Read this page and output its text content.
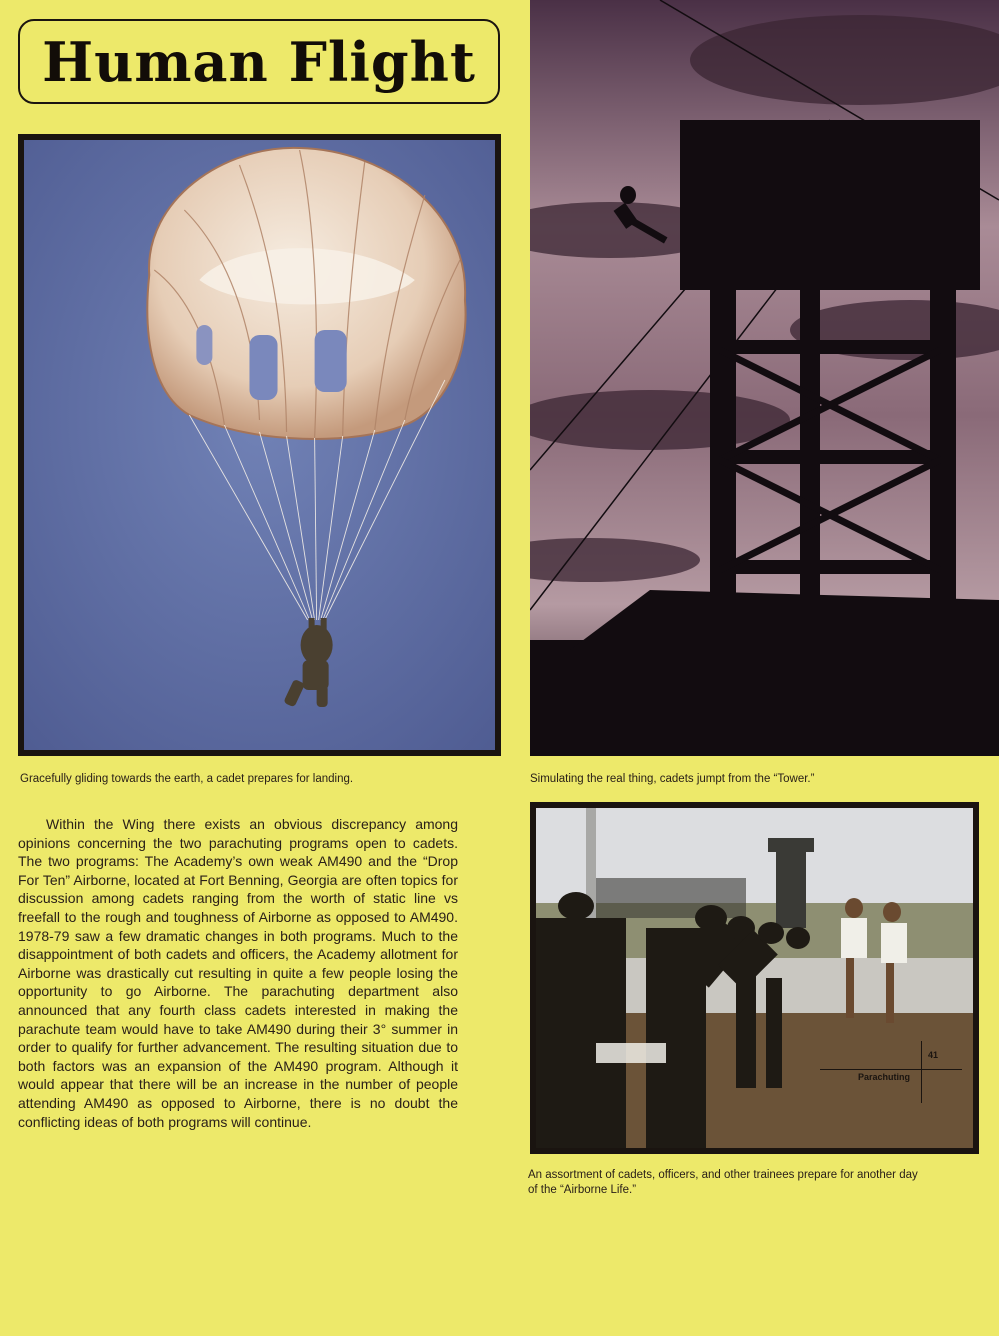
Human Flight
Gracefully gliding towards the earth, a cadet prepares for landing.	Simulating the real thing, cadets jumpt from the “Tower.”
An assortment of cadets, officers, and other trainees prepare for another day of the “Airborne Life.”

Within the Wing there exists an obvious discrepancy among opinions concerning the two parachuting programs open to cadets. The two programs: The Academy’s own weak AM490 and the “Drop For Ten” Airborne, located at Fort Benning, Georgia are often topics for discussion among cadets ranging from the worth of static line vs freefall to the rough and toughness of Airborne as opposed to AM490. 1978-79 saw a few dramatic changes in both programs. Much to the disappointment of both cadets and officers, the Academy allotment for Airborne was drastically cut resulting in quite a few people losing the opportunity to go Airborne. The parachuting department also announced that any fourth class cadets interested in making the parachute team would have to take AM490 during their 3° summer in order to qualify for further advancement. The resulting situation due to both factors was an expansion of the AM490 program. Although it would appear that there will be an increase in the number of people attending AM490 as opposed to Airborne, there is no doubt the conflicting ideas of both programs will continue.

41
Parachuting
